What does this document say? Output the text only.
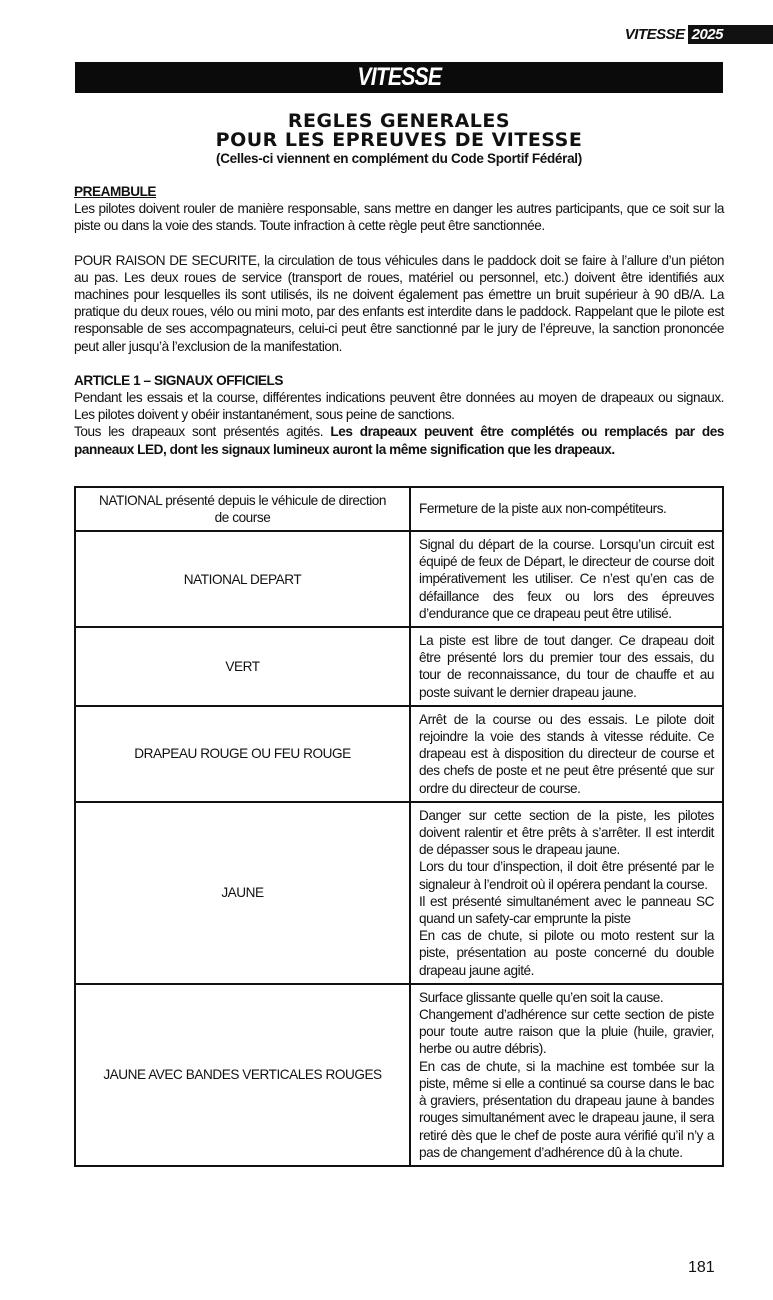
VITESSE 2025
VITESSE
REGLES GENERALES
POUR LES EPREUVES DE VITESSE
(Celles-ci viennent en complément du Code Sportif Fédéral)

PREAMBULE

Les pilotes doivent rouler de manière responsable, sans mettre en danger les autres participants, que ce soit sur la piste ou dans la voie des stands. Toute infraction à cette règle peut être sanctionnée.

POUR RAISON DE SECURITE, la circulation de tous véhicules dans le paddock doit se faire à l’allure d’un piéton au pas. Les deux roues de service (transport de roues, matériel ou personnel, etc.) doivent être identifiés aux machines pour lesquelles ils sont utilisés, ils ne doivent également pas émettre un bruit supérieur à 90 dB/A. La pratique du deux roues, vélo ou mini moto, par des enfants est interdite dans le paddock. Rappelant que le pilote est responsable de ses accompagnateurs, celui-ci peut être sanctionné par le jury de l’épreuve, la sanction prononcée peut aller jusqu’à l’exclusion de la manifestation.

ARTICLE 1 – SIGNAUX OFFICIELS

Pendant les essais et la course, différentes indications peuvent être données au moyen de drapeaux ou signaux. Les pilotes doivent y obéir instantanément, sous peine de sanctions.

Tous les drapeaux sont présentés agités. Les drapeaux peuvent être complétés ou remplacés par des panneaux LED, dont les signaux lumineux auront la même signification que les drapeaux.

NATIONAL présenté depuis le véhicule de direction de course	Fermeture de la piste aux non-compétiteurs.
NATIONAL DEPART	Signal du départ de la course. Lorsqu’un circuit est équipé de feux de Départ, le directeur de course doit impérativement les utiliser. Ce n’est qu’en cas de défaillance des feux ou lors des épreuves d’endurance que ce drapeau peut être utilisé.
VERT	La piste est libre de tout danger. Ce drapeau doit être présenté lors du premier tour des essais, du tour de reconnaissance, du tour de chauffe et au poste suivant le dernier drapeau jaune.
DRAPEAU ROUGE OU FEU ROUGE	Arrêt de la course ou des essais. Le pilote doit rejoindre la voie des stands à vitesse réduite. Ce drapeau est à disposition du directeur de course et des chefs de poste et ne peut être présenté que sur ordre du directeur de course.
JAUNE	Danger sur cette section de la piste, les pilotes doivent ralentir et être prêts à s’arrêter. Il est interdit de dépasser sous le drapeau jaune.
Lors du tour d’inspection, il doit être présenté par le signaleur à l’endroit où il opérera pendant la course.
Il est présenté simultanément avec le panneau SC quand un safety-car emprunte la piste
En cas de chute, si pilote ou moto restent sur la piste, présentation au poste concerné du double drapeau jaune agité.
JAUNE AVEC BANDES VERTICALES ROUGES	Surface glissante quelle qu’en soit la cause.
Changement d’adhérence sur cette section de piste pour toute autre raison que la pluie (huile, gravier, herbe ou autre débris).
En cas de chute, si la machine est tombée sur la piste, même si elle a continué sa course dans le bac à graviers, présentation du drapeau jaune à bandes rouges simultanément avec le drapeau jaune, il sera retiré dès que le chef de poste aura vérifié qu’il n’y a pas de changement d’adhérence dû à la chute.
181
